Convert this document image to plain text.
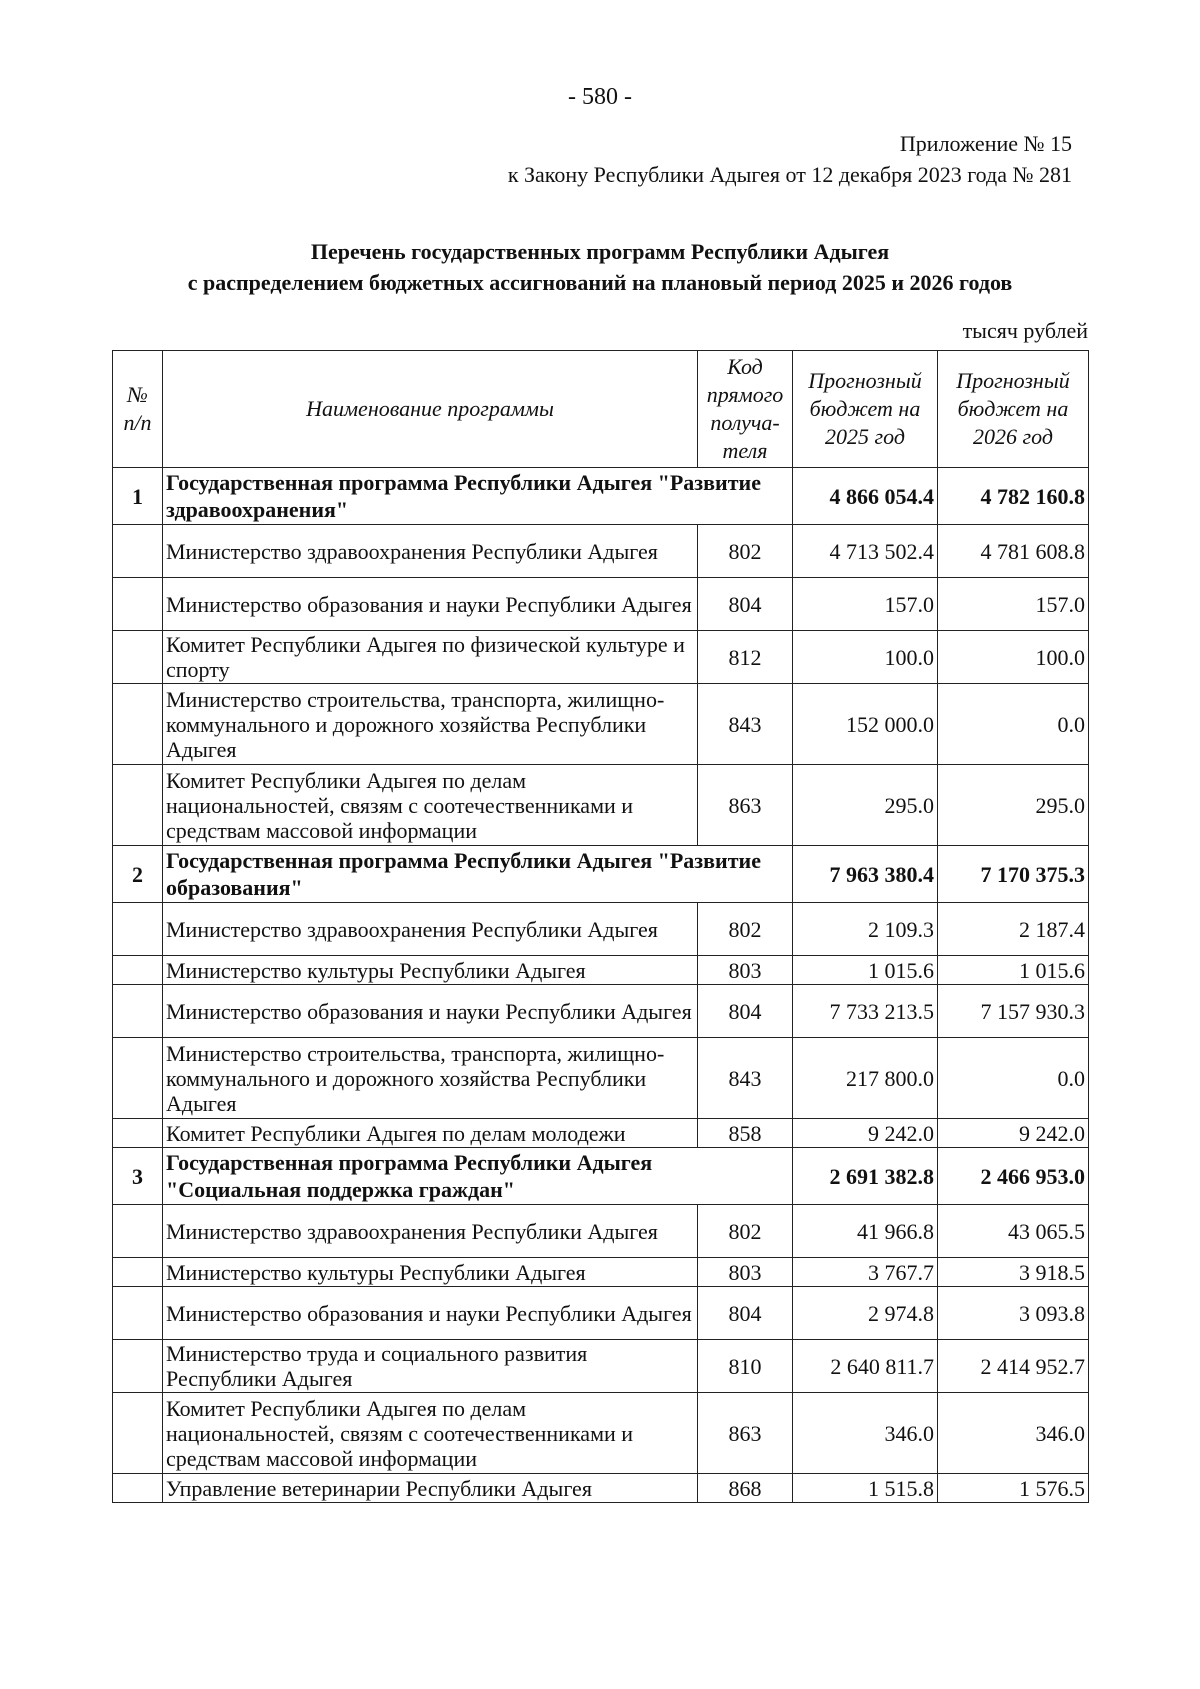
- 580 -
Приложение № 15
к Закону Республики Адыгея от 12 декабря 2023 года № 281
Перечень государственных программ Республики Адыгея
с распределением бюджетных ассигнований на плановый период 2025 и 2026 годов
тысяч рублей
№ п/п	Наименование программы	Код прямого получа-теля	Прогнозный бюджет на 2025 год	Прогнозный бюджет на 2026 год
1	Государственная программа Республики Адыгея "Развитие здравоохранения"		4 866 054.4	4 782 160.8
	Министерство здравоохранения Республики Адыгея	802	4 713 502.4	4 781 608.8
	Министерство образования и науки Республики Адыгея	804	157.0	157.0
	Комитет Республики Адыгея по физической культуре и спорту	812	100.0	100.0
	Министерство строительства, транспорта, жилищно-коммунального и дорожного хозяйства Республики Адыгея	843	152 000.0	0.0
	Комитет Республики Адыгея по делам национальностей, связям с соотечественниками и средствам массовой информации	863	295.0	295.0
2	Государственная программа Республики Адыгея "Развитие образования"		7 963 380.4	7 170 375.3
	Министерство здравоохранения Республики Адыгея	802	2 109.3	2 187.4
	Министерство культуры Республики Адыгея	803	1 015.6	1 015.6
	Министерство образования и науки Республики Адыгея	804	7 733 213.5	7 157 930.3
	Министерство строительства, транспорта, жилищно-коммунального и дорожного хозяйства Республики Адыгея	843	217 800.0	0.0
	Комитет Республики Адыгея по делам молодежи	858	9 242.0	9 242.0
3	Государственная программа Республики Адыгея "Социальная поддержка граждан"		2 691 382.8	2 466 953.0
	Министерство здравоохранения Республики Адыгея	802	41 966.8	43 065.5
	Министерство культуры Республики Адыгея	803	3 767.7	3 918.5
	Министерство образования и науки Республики Адыгея	804	2 974.8	3 093.8
	Министерство труда и социального развития Республики Адыгея	810	2 640 811.7	2 414 952.7
	Комитет Республики Адыгея по делам национальностей, связям с соотечественниками и средствам массовой информации	863	346.0	346.0
	Управление ветеринарии Республики Адыгея	868	1 515.8	1 576.5
